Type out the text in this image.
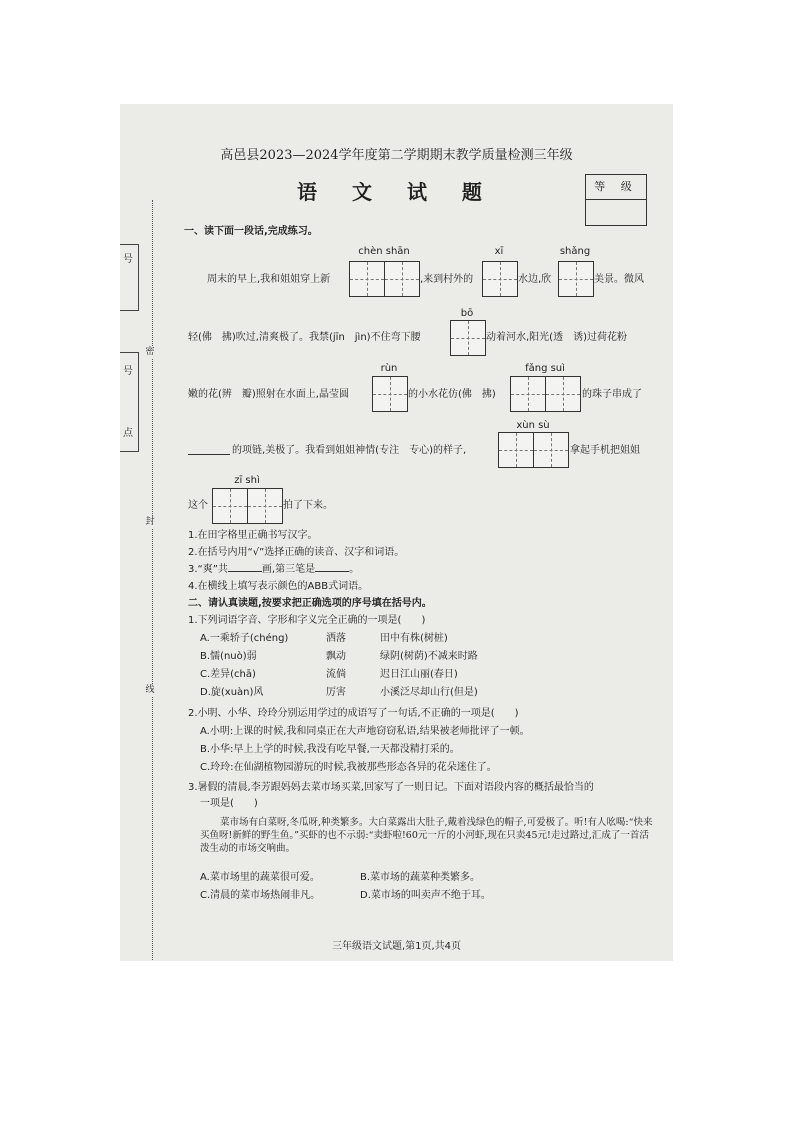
号
号
点
密
封
线
高邑县2023—2024学年度第二学期期末教学质量检测三年级
语 文 试 题	等 级
一、读下面一段话,完成练习。
chèn shān	xī	shǎng
周末的早上,我和姐姐穿上新	,来到村外的	水边,欣	美景。微风
bō
轻(佛　拂)吹过,清爽极了。我禁(jīn　jìn)不住弯下腰	动着河水,阳光(透　诱)过荷花粉
rùn	fǎng suì
嫩的花(辨　瓣)照射在水面上,晶莹圆	的小水花仿(佛　拂)	的珠子串成了
xùn sù
的项链,美极了。我看到姐姐神情(专注　专心)的样子,	拿起手机把姐姐
zī shì
这个	拍了下来。
1.在田字格里正确书写汉字。
2.在括号内用“√”选择正确的读音、汉字和词语。
3.“爽”共	画,第三笔是	。
4.在横线上填写表示颜色的ABB式词语。
二、请认真读题,按要求把正确选项的序号填在括号内。
1.下列词语字音、字形和字义完全正确的一项是(　　)
A.一乘轿子(chéng)	洒落	田中有株(树桩)
B.懦(nuò)弱	飘动	绿阴(树荫)不减来时路
C.差异(chā)	流倘	迟日江山丽(春日)
D.旋(xuàn)风	厉害	小溪泛尽却山行(但是)
2.小明、小华、玲玲分别运用学过的成语写了一句话,不正确的一项是(　　)
A.小明:上课的时候,我和同桌正在大声地窃窃私语,结果被老师批评了一顿。
B.小华:早上上学的时候,我没有吃早餐,一天都没精打采的。
C.玲玲:在仙湖植物园游玩的时候,我被那些形态各异的花朵迷住了。
3.暑假的清晨,李芳跟妈妈去菜市场买菜,回家写了一则日记。下面对语段内容的概括最恰当的
一项是(　　)
菜市场有白菜呀,冬瓜呀,种类繁多。大白菜露出大肚子,戴着浅绿色的帽子,可爱极了。听!有人吆喝:“快来买鱼呀!新鲜的野生鱼。”买虾的也不示弱:“卖虾啦!60元一斤的小河虾,现在只卖45元!走过路过,汇成了一首活泼生动的市场交响曲。
A.菜市场里的蔬菜很可爱。	B.菜市场的蔬菜种类繁多。
C.清晨的菜市场热闹非凡。	D.菜市场的叫卖声不绝于耳。
三年级语文试题,第1页,共4页
